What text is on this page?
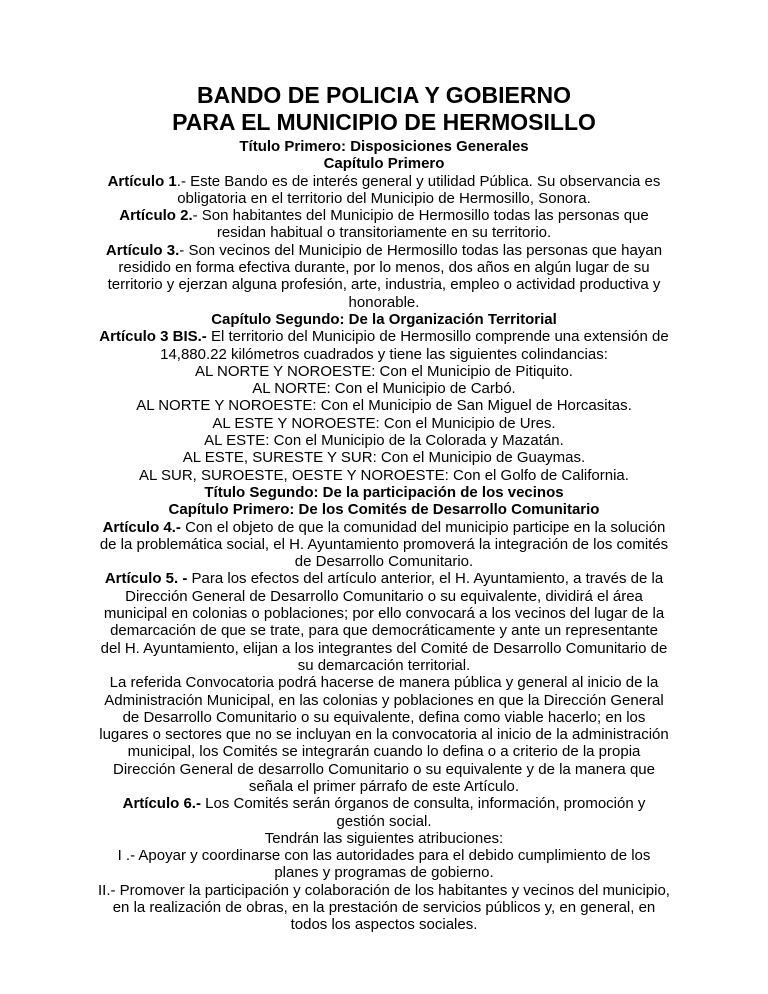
BANDO DE POLICIA Y GOBIERNO
PARA EL MUNICIPIO DE HERMOSILLO

Título Primero: Disposiciones Generales

Capítulo Primero

Artículo 1.- Este Bando es de interés general y utilidad Pública. Su observancia es obligatoria en el territorio del Municipio de Hermosillo, Sonora.

Artículo 2.- Son habitantes del Municipio de Hermosillo todas las personas que residan habitual o transitoriamente en su territorio.

Artículo 3.- Son vecinos del Municipio de Hermosillo todas las personas que hayan residido en forma efectiva durante, por lo menos, dos años en algún lugar de su territorio y ejerzan alguna profesión, arte, industria, empleo o actividad productiva y honorable.

Capítulo Segundo: De la Organización Territorial

Artículo 3 BIS.- El territorio del Municipio de Hermosillo comprende una extensión de 14,880.22 kilómetros cuadrados y tiene las siguientes colindancias:

AL NORTE Y NOROESTE: Con el Municipio de Pitiquito.

AL NORTE: Con el Municipio de Carbó.

AL NORTE Y NOROESTE: Con el Municipio de San Miguel de Horcasitas.

AL ESTE Y NOROESTE: Con el Municipio de Ures.

AL ESTE: Con el Municipio de la Colorada y Mazatán.

AL ESTE, SURESTE Y SUR: Con el Municipio de Guaymas.

AL SUR, SUROESTE, OESTE Y NOROESTE: Con el Golfo de California.

Título Segundo: De la participación de los vecinos

Capítulo Primero: De los Comités de Desarrollo Comunitario

Artículo 4.- Con el objeto de que la comunidad del municipio participe en la solución de la problemática social, el H. Ayuntamiento promoverá la integración de los comités de Desarrollo Comunitario.

Artículo 5. - Para los efectos del artículo anterior, el H. Ayuntamiento, a través de la Dirección General de Desarrollo Comunitario o su equivalente, dividirá el área municipal en colonias o poblaciones; por ello convocará a los vecinos del lugar de la demarcación de que se trate, para que democráticamente y ante un representante del H. Ayuntamiento, elijan a los integrantes del Comité de Desarrollo Comunitario de su demarcación territorial.

La referida Convocatoria podrá hacerse de manera pública y general al inicio de la Administración Municipal, en las colonias y poblaciones en que la Dirección General de Desarrollo Comunitario o su equivalente, defina como viable hacerlo; en los lugares o sectores que no se incluyan en la convocatoria al inicio de la administración municipal, los Comités se integrarán cuando lo defina o a criterio de la propia Dirección General de desarrollo Comunitario o su equivalente y de la manera que señala el primer párrafo de este Artículo.

Artículo 6.- Los Comités serán órganos de consulta, información, promoción y gestión social.

Tendrán las siguientes atribuciones:

I .- Apoyar y coordinarse con las autoridades para el debido cumplimiento de los planes y programas de gobierno.

II.- Promover la participación y colaboración de los habitantes y vecinos del municipio, en la realización de obras, en la prestación de servicios públicos y, en general, en todos los aspectos sociales.
